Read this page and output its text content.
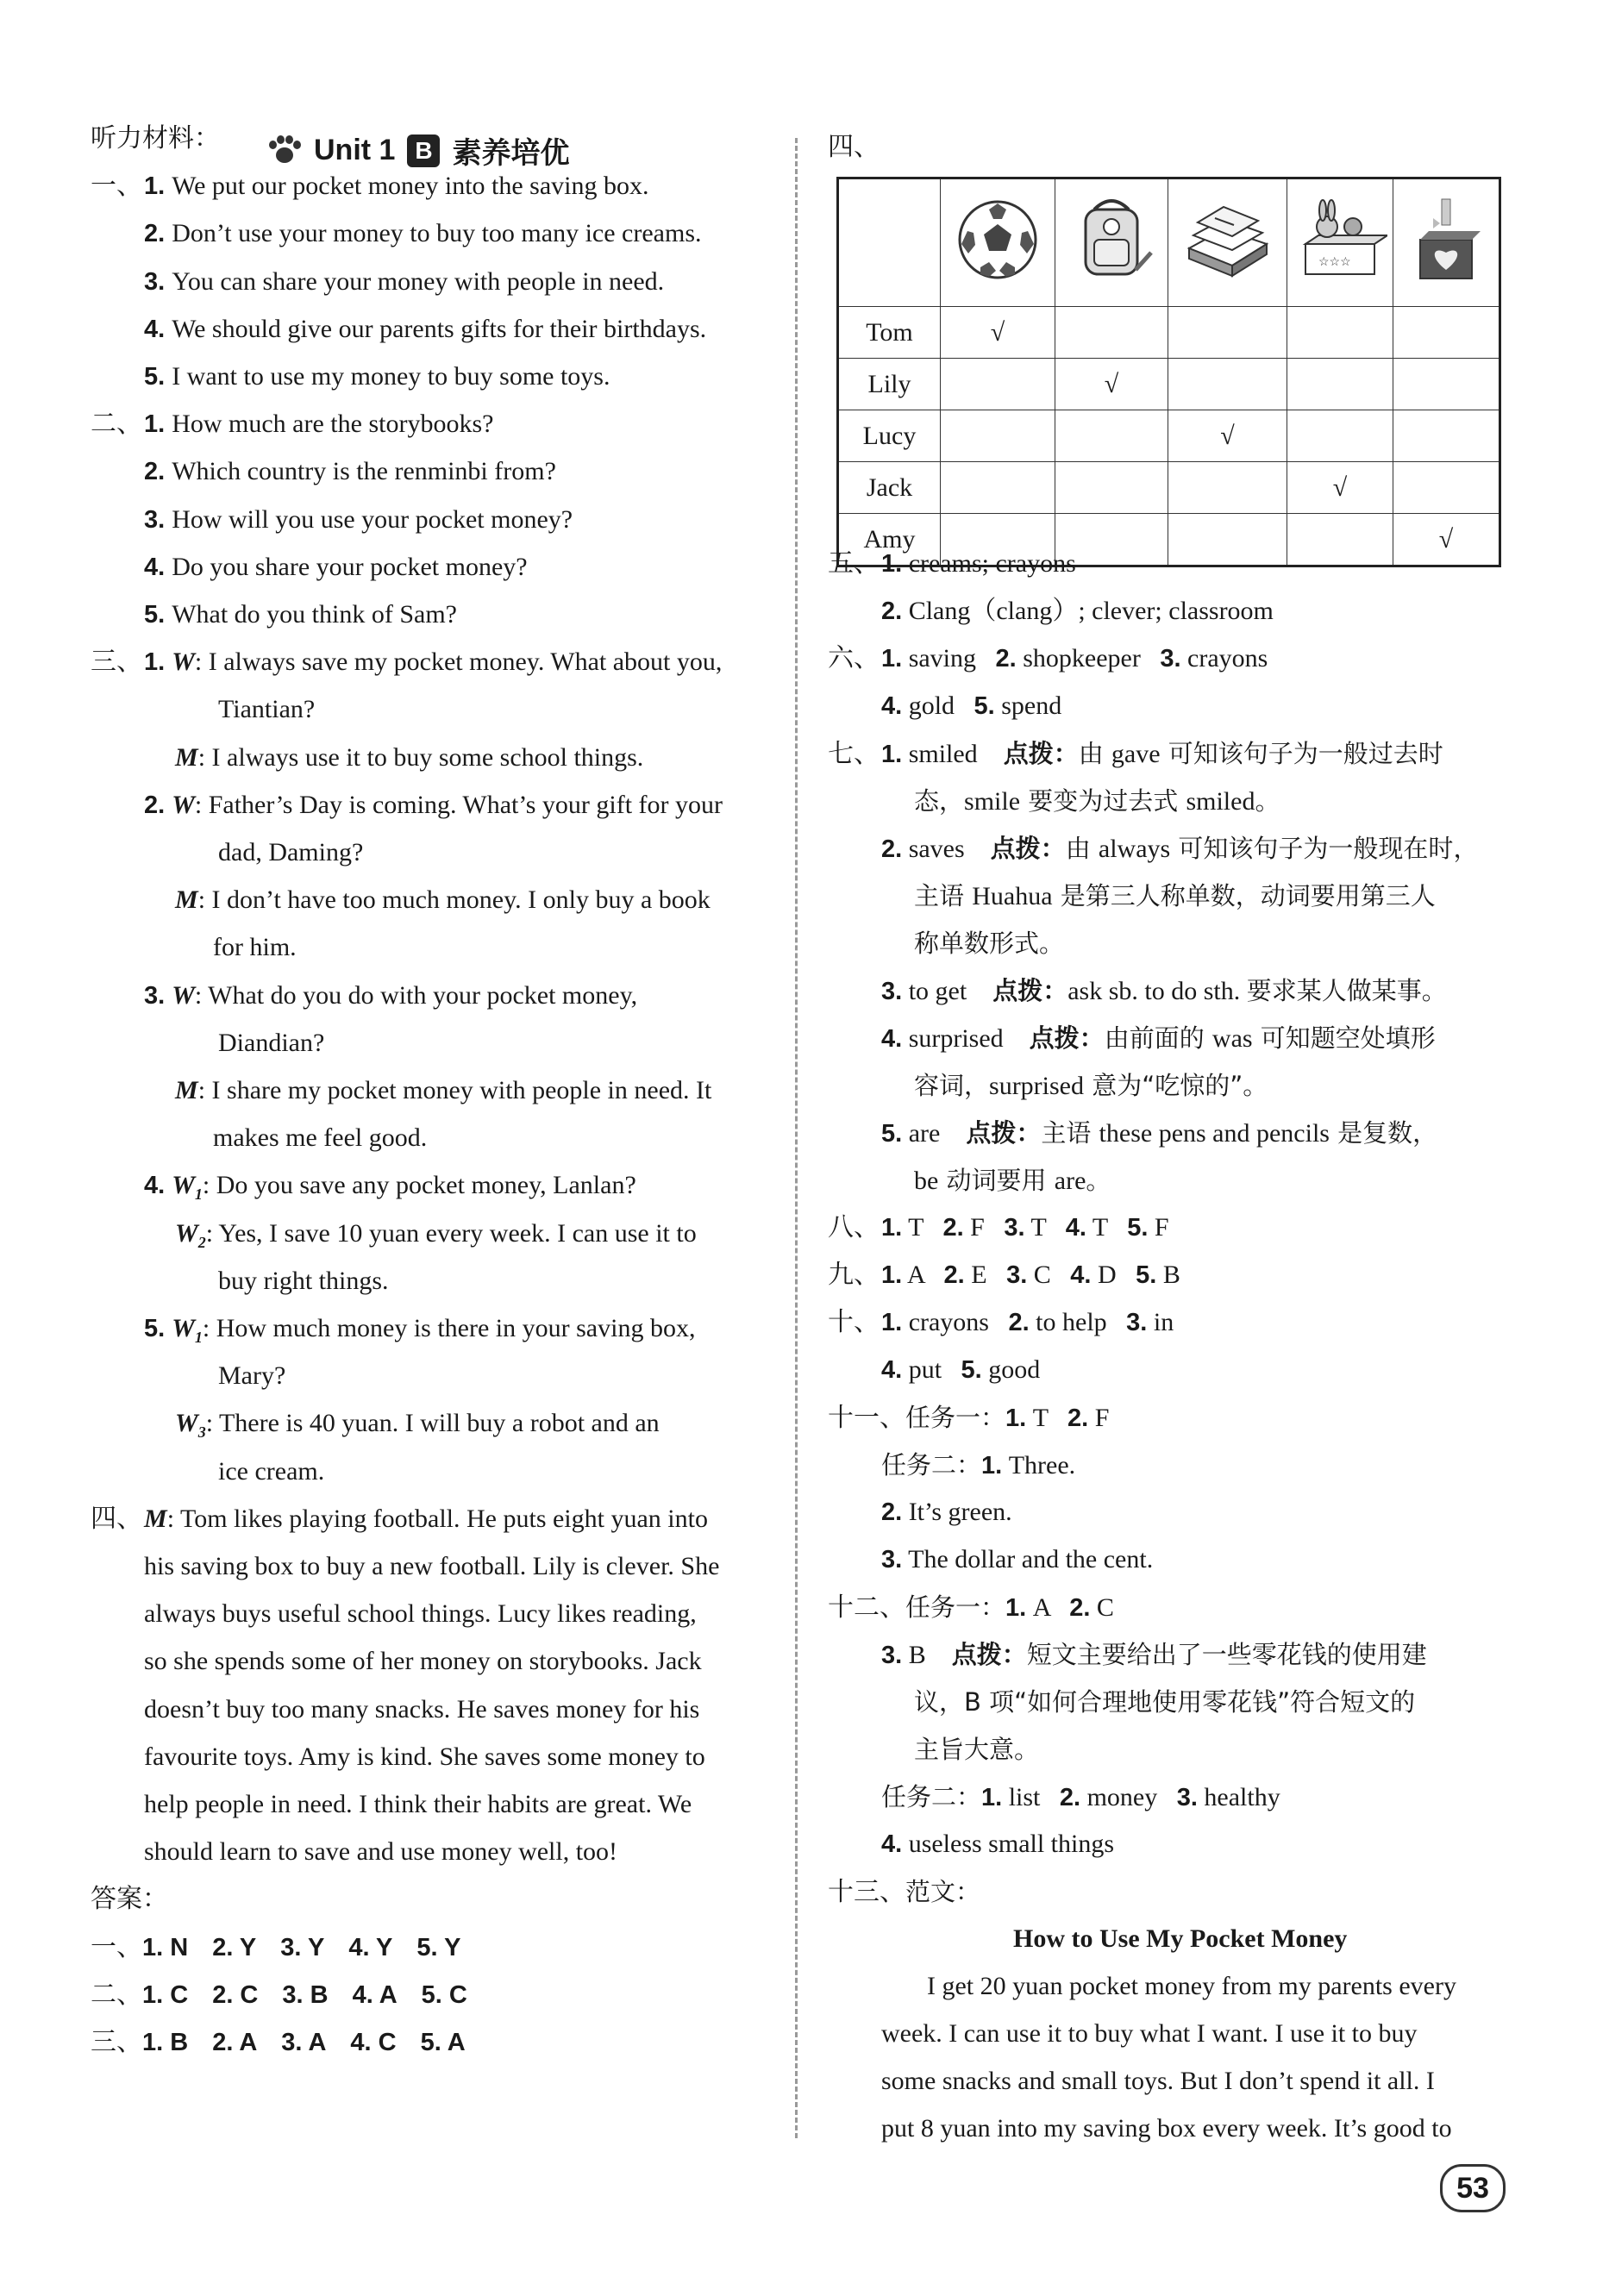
Unit 1 B 素养培优
听力材料：
一、1. We put our pocket money into the saving box.
2. Don’t use your money to buy too many ice creams.
3. You can share your money with people in need.
4. We should give our parents gifts for their birthdays.
5. I want to use my money to buy some toys.
二、1. How much are the storybooks?
2. Which country is the renminbi from?
3. How will you use your pocket money?
4. Do you share your pocket money?
5. What do you think of Sam?
三、1. W: I always save my pocket money. What about you,
Tiantian?
M: I always use it to buy some school things.
2. W: Father’s Day is coming. What’s your gift for your
dad, Daming?
M: I don’t have too much money. I only buy a book
for him.
3. W: What do you do with your pocket money,
Diandian?
M: I share my pocket money with people in need. It
makes me feel good.
4. $W_1$: Do you save any pocket money, Lanlan?
$W_2$: Yes, I save 10 yuan every week. I can use it to
buy right things.
5. $W_1$: How much money is there in your saving box,
Mary?
$W_3$: There is 40 yuan. I will buy a robot and an
ice cream.
四、M: Tom likes playing football. He puts eight yuan into
his saving box to buy a new football. Lily is clever. She
always buys useful school things. Lucy likes reading,
so she spends some of her money on storybooks. Jack
doesn’t buy too many snacks. He saves money for his
favourite toys. Amy is kind. She saves some money to
help people in need. I think their habits are great. We
should learn to save and use money well, too!
答案：
一、1. N 2. Y 3. Y 4. Y 5. Y
二、1. C 2. C 3. B 4. A 5. C
三、1. B 2. A 3. A 4. C 5. A
四、

☆☆☆

Tom	√				
Lily		√			
Lucy			√		
Jack				√	
Amy					√
五、1. creams; crayons
2. Clang（clang）; clever; classroom
六、1. saving   2. shopkeeper   3. crayons
4. gold   5. spend
七、1. smiled    点拨：由 gave 可知该句子为一般过去时
态，smile 要变为过去式 smiled。
2. saves    点拨：由 always 可知该句子为一般现在时，
主语 Huahua 是第三人称单数，动词要用第三人
称单数形式。
3. to get    点拨：ask sb. to do sth. 要求某人做某事。
4. surprised    点拨：由前面的 was 可知题空处填形
容词，surprised 意为“吃惊的”。
5. are    点拨：主语 these pens and pencils 是复数，
be 动词要用 are。
八、1. T   2. F   3. T   4. T   5. F
九、1. A   2. E   3. C   4. D   5. B
十、1. crayons   2. to help   3. in
4. put   5. good
十一、任务一：1. T   2. F
任务二：1. Three.
2. It’s green.
3. The dollar and the cent.
十二、任务一：1. A   2. C
3. B    点拨：短文主要给出了一些零花钱的使用建
议，B 项“如何合理地使用零花钱”符合短文的
主旨大意。
任务二：1. list   2. money   3. healthy
4. useless small things
十三、范文：
How to Use My Pocket Money
I get 20 yuan pocket money from my parents every
week. I can use it to buy what I want. I use it to buy
some snacks and small toys. But I don’t spend it all. I
put 8 yuan into my saving box every week. It’s good to
53
